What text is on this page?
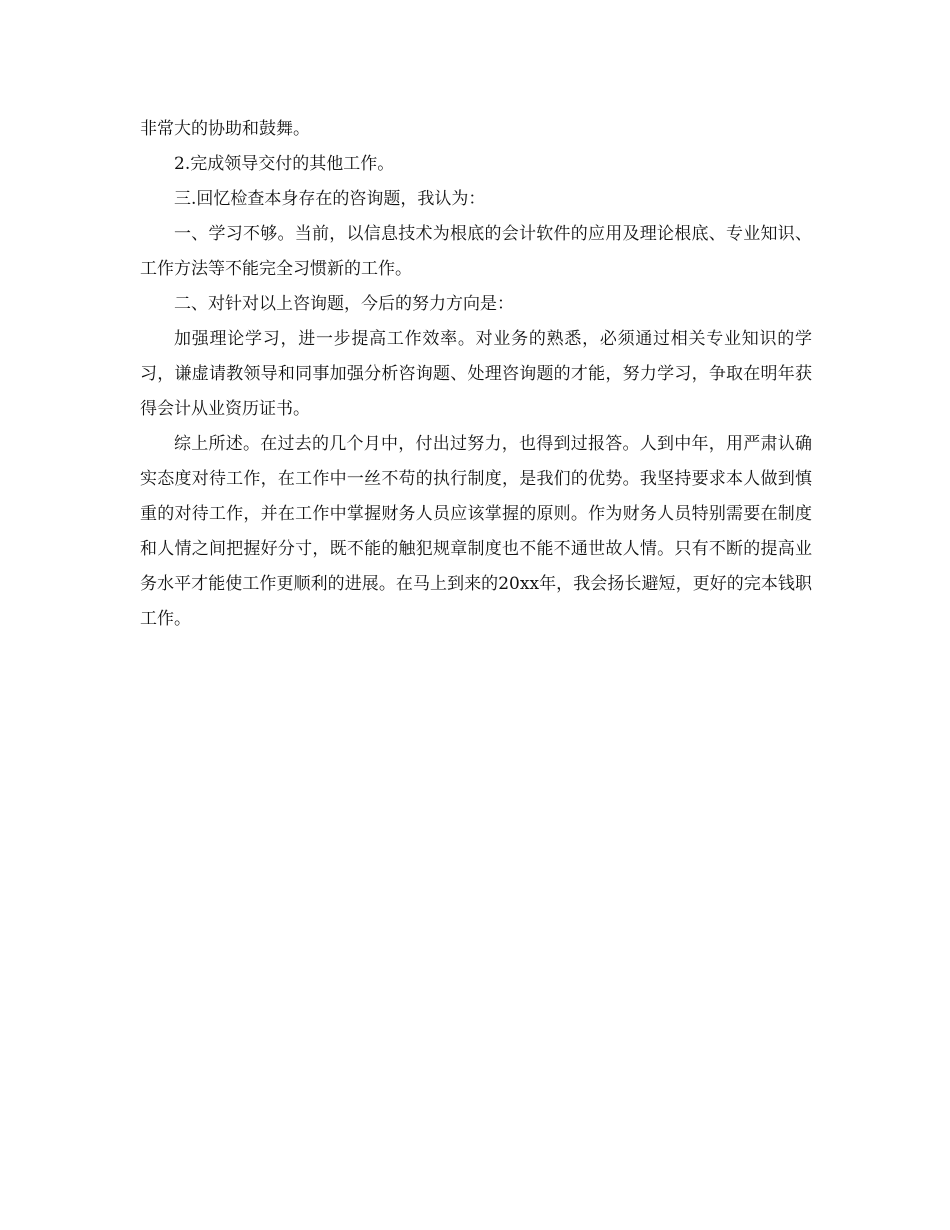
非常大的协助和鼓舞。

2.完成领导交付的其他工作。

三.回忆检查本身存在的咨询题，我认为：

一、学习不够。当前，以信息技术为根底的会计软件的应用及理论根底、专业知识、工作方法等不能完全习惯新的工作。

二、对针对以上咨询题，今后的努力方向是：

加强理论学习，进一步提高工作效率。对业务的熟悉，必须通过相关专业知识的学习，谦虚请教领导和同事加强分析咨询题、处理咨询题的才能，努力学习，争取在明年获得会计从业资历证书。

综上所述。在过去的几个月中，付出过努力，也得到过报答。人到中年，用严肃认确实态度对待工作，在工作中一丝不苟的执行制度，是我们的优势。我坚持要求本人做到慎重的对待工作，并在工作中掌握财务人员应该掌握的原则。作为财务人员特别需要在制度和人情之间把握好分寸，既不能的触犯规章制度也不能不通世故人情。只有不断的提高业务水平才能使工作更顺利的进展。在马上到来的20xx年，我会扬长避短，更好的完本钱职工作。
